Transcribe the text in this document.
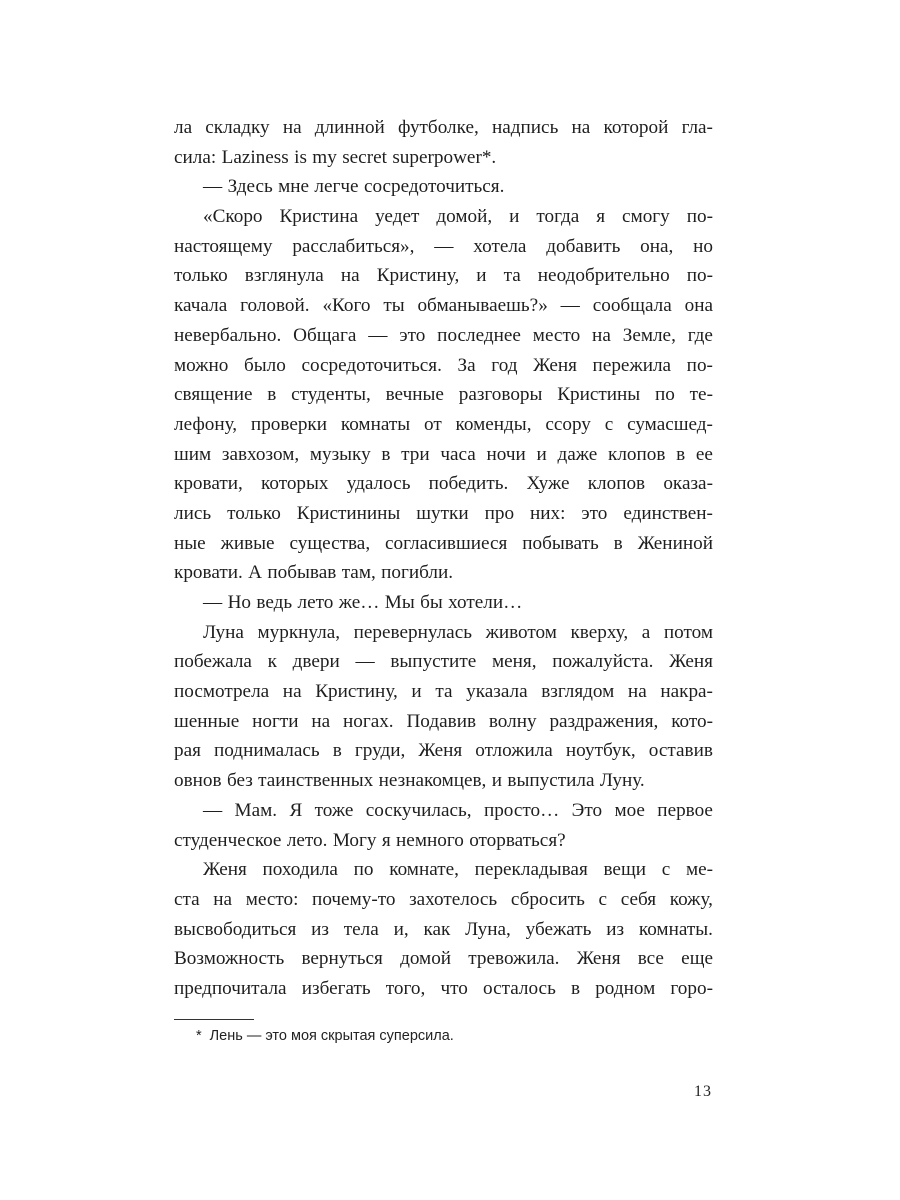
ла складку на длинной футболке, надпись на которой гла-
сила: Laziness is my secret superpower*.
— Здесь мне легче сосредоточиться.
«Скоро Кристина уедет домой, и тогда я смогу по-
настоящему расслабиться», — хотела добавить она, но
только взглянула на Кристину, и та неодобрительно по-
качала головой. «Кого ты обманываешь?» — сообщала она
невербально. Общага — это последнее место на Земле, где
можно было сосредоточиться. За год Женя пережила по-
священие в студенты, вечные разговоры Кристины по те-
лефону, проверки комнаты от коменды, ссору с сумасшед-
шим завхозом, музыку в три часа ночи и даже клопов в ее
кровати, которых удалось победить. Хуже клопов оказа-
лись только Кристинины шутки про них: это единствен-
ные живые существа, согласившиеся побывать в Жениной
кровати. А побывав там, погибли.
— Но ведь лето же… Мы бы хотели…
Луна муркнула, перевернулась животом кверху, а потом
побежала к двери — выпустите меня, пожалуйста. Женя
посмотрела на Кристину, и та указала взглядом на накра-
шенные ногти на ногах. Подавив волну раздражения, кото-
рая поднималась в груди, Женя отложила ноутбук, оставив
овнов без таинственных незнакомцев, и выпустила Луну.
— Мам. Я тоже соскучилась, просто… Это мое первое
студенческое лето. Могу я немного оторваться?
Женя походила по комнате, перекладывая вещи с ме-
ста на место: почему-то захотелось сбросить с себя кожу,
высвободиться из тела и, как Луна, убежать из комнаты.
Возможность вернуться домой тревожила. Женя все еще
предпочитала избегать того, что осталось в родном горо-
* Лень — это моя скрытая суперсила.
13
